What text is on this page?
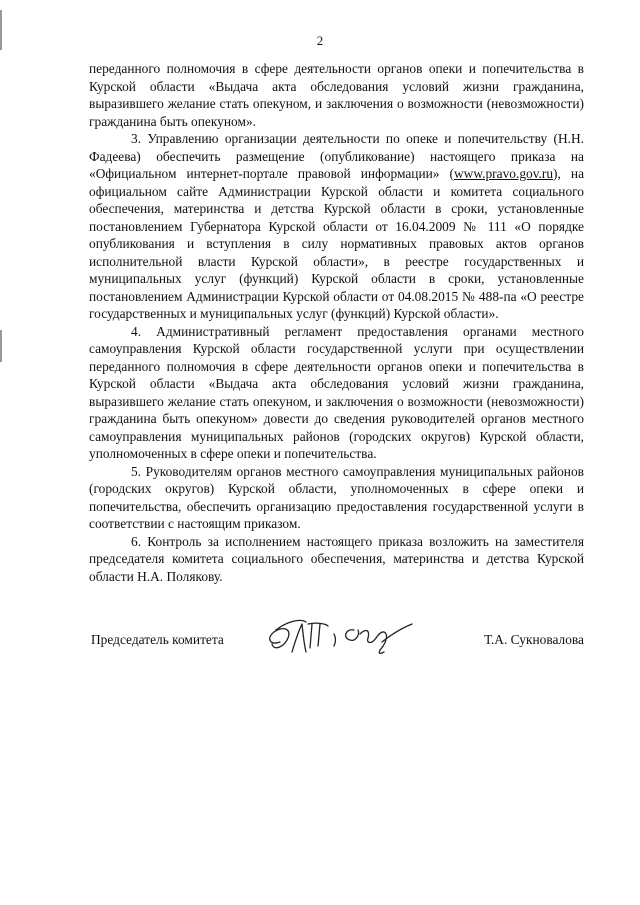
2

переданного полномочия в сфере деятельности органов опеки и попечительства в Курской области «Выдача акта обследования условий жизни гражданина, выразившего желание стать опекуном, и заключения о возможности (невозможности) гражданина быть опекуном».

3. Управлению организации деятельности по опеке и попечительству (Н.Н. Фадеева) обеспечить размещение (опубликование) настоящего приказа на «Официальном интернет-портале правовой информации» (www.pravo.gov.ru), на официальном сайте Администрации Курской области и комитета социального обеспечения, материнства и детства Курской области в сроки, установленные постановлением Губернатора Курской области от 16.04.2009 № 111 «О порядке опубликования и вступления в силу нормативных правовых актов органов исполнительной власти Курской области», в реестре государственных и муниципальных услуг (функций) Курской области в сроки, установленные постановлением Администрации Курской области от 04.08.2015 № 488-па «О реестре государственных и муниципальных услуг (функций) Курской области».

4. Административный регламент предоставления органами местного самоуправления Курской области государственной услуги при осуществлении переданного полномочия в сфере деятельности органов опеки и попечительства в Курской области «Выдача акта обследования условий жизни гражданина, выразившего желание стать опекуном, и заключения о возможности (невозможности) гражданина быть опекуном» довести до сведения руководителей органов местного самоуправления муниципальных районов (городских округов) Курской области, уполномоченных в сфере опеки и попечительства.

5. Руководителям органов местного самоуправления муниципальных районов (городских округов) Курской области, уполномоченных в сфере опеки и попечительства, обеспечить организацию предоставления государственной услуги в соответствии с настоящим приказом.

6. Контроль за исполнением настоящего приказа возложить на заместителя председателя комитета социального обеспечения, материнства и детства Курской области Н.А. Полякову.

Председатель комитета	Т.А. Сукновалова
